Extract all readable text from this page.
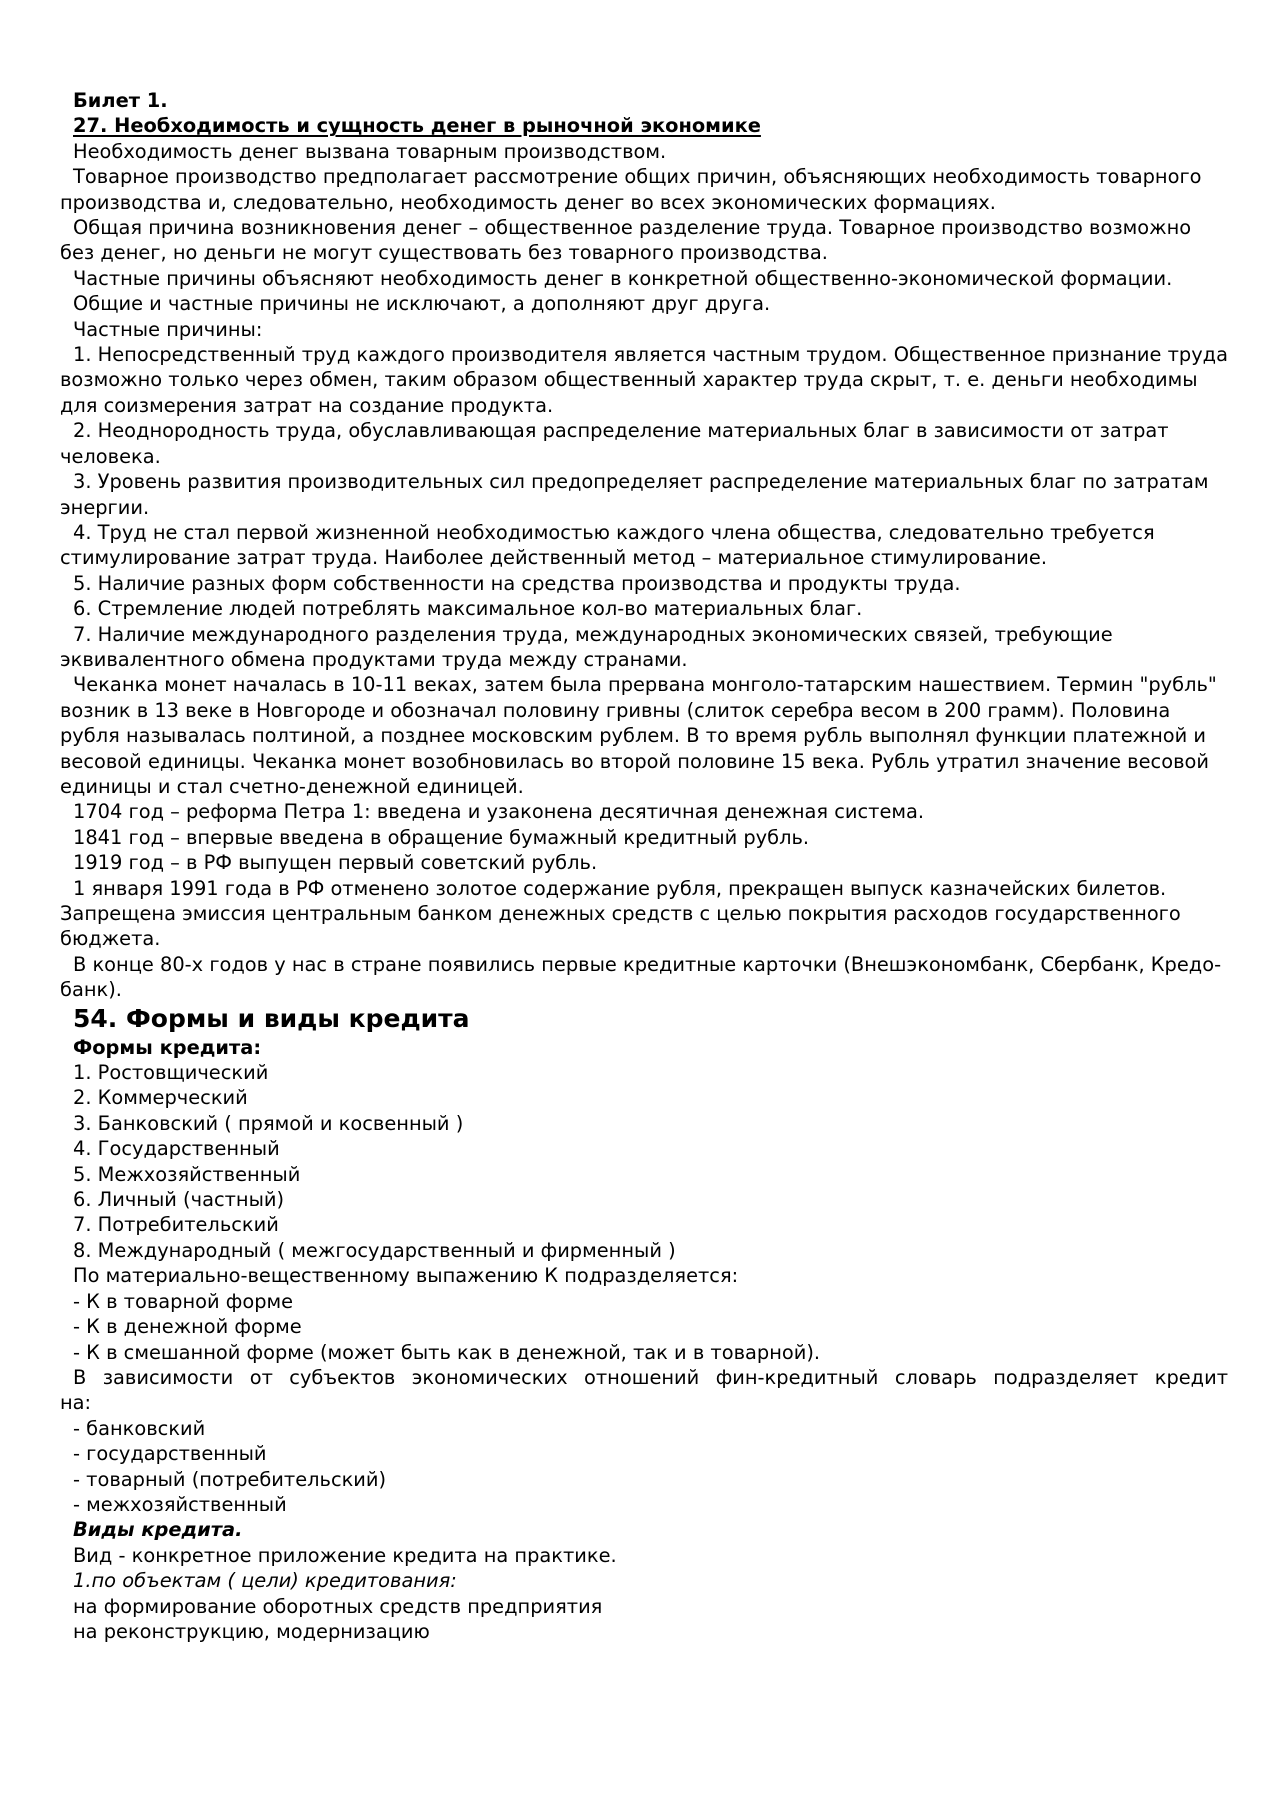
Билет 1.

27. Необходимость и сущность денег в рыночной экономике

Необходимость денег вызвана товарным производством.

Товарное производство предполагает рассмотрение общих причин, объясняющих необходимость товарного производства и, следовательно, необходимость денег во всех экономических формациях.

Общая причина возникновения денег – общественное разделение труда. Товарное производство возможно без денег, но деньги не могут существовать без товарного производства.

Частные причины объясняют необходимость денег в конкретной общественно-экономической формации.

Общие и частные причины не исключают, а дополняют друг друга.

Частные причины:

1. Непосредственный труд каждого производителя является частным трудом. Общественное признание труда возможно только через обмен, таким образом общественный характер труда скрыт, т. е. деньги необходимы для соизмерения затрат на создание продукта.

2. Неоднородность труда, обуславливающая распределение материальных благ в зависимости от затрат человека.

3. Уровень развития производительных сил предопределяет распределение материальных благ по затратам энергии.

4. Труд не стал первой жизненной необходимостью каждого члена общества, следовательно требуется стимулирование затрат труда. Наиболее действенный метод – материальное стимулирование.

5. Наличие разных форм собственности на средства производства и продукты труда.

6. Стремление людей потреблять максимальное кол-во материальных благ.

7. Наличие международного разделения труда, международных экономических связей, требующие эквивалентного обмена продуктами труда между странами.

Чеканка монет началась в 10-11 веках, затем была прервана монголо-татарским нашествием. Термин "рубль" возник в 13 веке в Новгороде и обозначал половину гривны (слиток серебра весом в 200 грамм). Половина рубля называлась полтиной, а позднее московским рублем. В то время рубль выполнял функции платежной и весовой единицы. Чеканка монет возобновилась во второй половине 15 века. Рубль утратил значение весовой единицы и стал счетно-денежной единицей.

1704 год – реформа Петра 1: введена и узаконена десятичная денежная система.

1841 год – впервые введена в обращение бумажный кредитный рубль.

1919 год – в РФ выпущен первый советский рубль.

1 января 1991 года в РФ отменено золотое содержание рубля, прекращен выпуск казначейских билетов. Запрещена эмиссия центральным банком денежных средств с целью покрытия расходов государственного бюджета.

В конце 80-х годов у нас в стране появились первые кредитные карточки (Внешэкономбанк, Сбербанк, Кредо-банк).

54. Формы и виды кредита

Формы кредита:

1. Ростовщический

2. Коммерческий

3. Банковский ( прямой и косвенный )

4. Государственный

5. Межхозяйственный

6. Личный (частный)

7. Потребительский

8. Международный ( межгосударственный и фирменный )

По материально-вещественному выпажению К подразделяется:

- К в товарной форме

- К в денежной форме

- К в смешанной форме (может быть как в денежной, так и в товарной).

В зависимости от субъектов экономических отношений фин-кредитный словарь подразделяет кредит на:

- банковский

- государственный

- товарный (потребительский)

- межхозяйственный

Виды кредита.

Вид - конкретное приложение кредита на практике.

1.по объектам ( цели) кредитования:

на формирование оборотных средств предприятия

на реконструкцию, модернизацию
